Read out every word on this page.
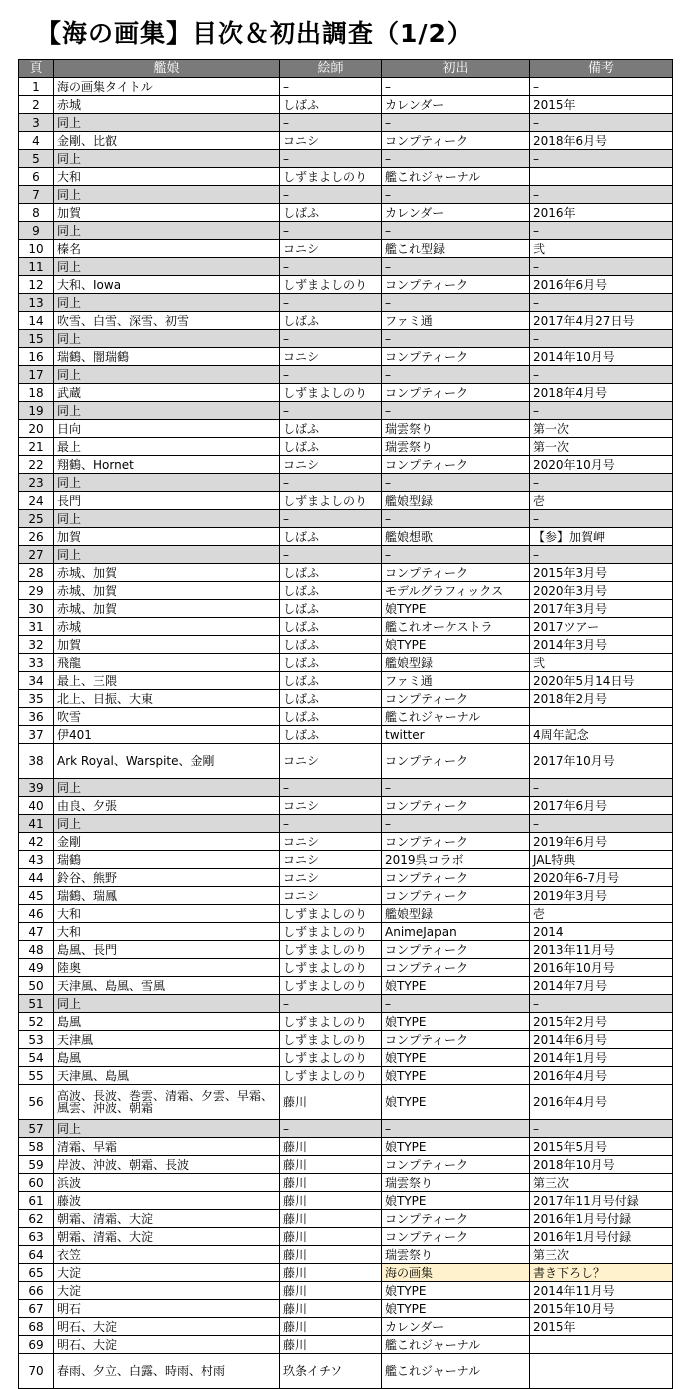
【海の画集】目次＆初出調査（1/2）
頁	艦娘	絵師	初出	備考
1	海の画集タイトル	–	–	–
2	赤城	しばふ	カレンダー	2015年
3	同上	–	–	–
4	金剛、比叡	コニシ	コンプティーク	2018年6月号
5	同上	–	–	–
6	大和	しずまよしのり	艦これジャーナル	
7	同上	–	–	–
8	加賀	しばふ	カレンダー	2016年
9	同上	–	–	–
10	榛名	コニシ	艦これ型録	弐
11	同上	–	–	–
12	大和、Iowa	しずまよしのり	コンプティーク	2016年6月号
13	同上	–	–	–
14	吹雪、白雪、深雪、初雪	しばふ	ファミ通	2017年4月27日号
15	同上	–	–	–
16	瑞鶴、闇瑞鶴	コニシ	コンプティーク	2014年10月号
17	同上	–	–	–
18	武蔵	しずまよしのり	コンプティーク	2018年4月号
19	同上	–	–	–
20	日向	しばふ	瑞雲祭り	第一次
21	最上	しばふ	瑞雲祭り	第一次
22	翔鶴、Hornet	コニシ	コンプティーク	2020年10月号
23	同上	–	–	–
24	長門	しずまよしのり	艦娘型録	壱
25	同上	–	–	–
26	加賀	しばふ	艦娘想歌	【参】加賀岬
27	同上	–	–	–
28	赤城、加賀	しばふ	コンプティーク	2015年3月号
29	赤城、加賀	しばふ	モデルグラフィックス	2020年3月号
30	赤城、加賀	しばふ	娘TYPE	2017年3月号
31	赤城	しばふ	艦これオーケストラ	2017ツアー
32	加賀	しばふ	娘TYPE	2014年3月号
33	飛龍	しばふ	艦娘型録	弐
34	最上、三隈	しばふ	ファミ通	2020年5月14日号
35	北上、日振、大東	しばふ	コンプティーク	2018年2月号
36	吹雪	しばふ	艦これジャーナル	
37	伊401	しばふ	twitter	4周年記念
38	Ark Royal、Warspite、金剛	コニシ	コンプティーク	2017年10月号
39	同上	–	–	–
40	由良、夕張	コニシ	コンプティーク	2017年6月号
41	同上	–	–	–
42	金剛	コニシ	コンプティーク	2019年6月号
43	瑞鶴	コニシ	2019呉コラボ	JAL特典
44	鈴谷、熊野	コニシ	コンプティーク	2020年6-7月号
45	瑞鶴、瑞鳳	コニシ	コンプティーク	2019年3月号
46	大和	しずまよしのり	艦娘型録	壱
47	大和	しずまよしのり	AnimeJapan	2014
48	島風、長門	しずまよしのり	コンプティーク	2013年11月号
49	陸奥	しずまよしのり	コンプティーク	2016年10月号
50	天津風、島風、雪風	しずまよしのり	娘TYPE	2014年7月号
51	同上	–	–	–
52	島風	しずまよしのり	娘TYPE	2015年2月号
53	天津風	しずまよしのり	コンプティーク	2014年6月号
54	島風	しずまよしのり	娘TYPE	2014年1月号
55	天津風、島風	しずまよしのり	娘TYPE	2016年4月号
56	高波、長波、巻雲、清霜、夕雲、早霜、風雲、沖波、朝霜	藤川	娘TYPE	2016年4月号
57	同上	–	–	–
58	清霜、早霜	藤川	娘TYPE	2015年5月号
59	岸波、沖波、朝霜、長波	藤川	コンプティーク	2018年10月号
60	浜波	藤川	瑞雲祭り	第三次
61	藤波	藤川	娘TYPE	2017年11月号付録
62	朝霜、清霜、大淀	藤川	コンプティーク	2016年1月号付録
63	朝霜、清霜、大淀	藤川	コンプティーク	2016年1月号付録
64	衣笠	藤川	瑞雲祭り	第三次
65	大淀	藤川	海の画集	書き下ろし？
66	大淀	藤川	娘TYPE	2014年11月号
67	明石	藤川	娘TYPE	2015年10月号
68	明石、大淀	藤川	カレンダー	2015年
69	明石、大淀	藤川	艦これジャーナル	
70	春雨、夕立、白露、時雨、村雨	玖条イチソ	艦これジャーナル	
